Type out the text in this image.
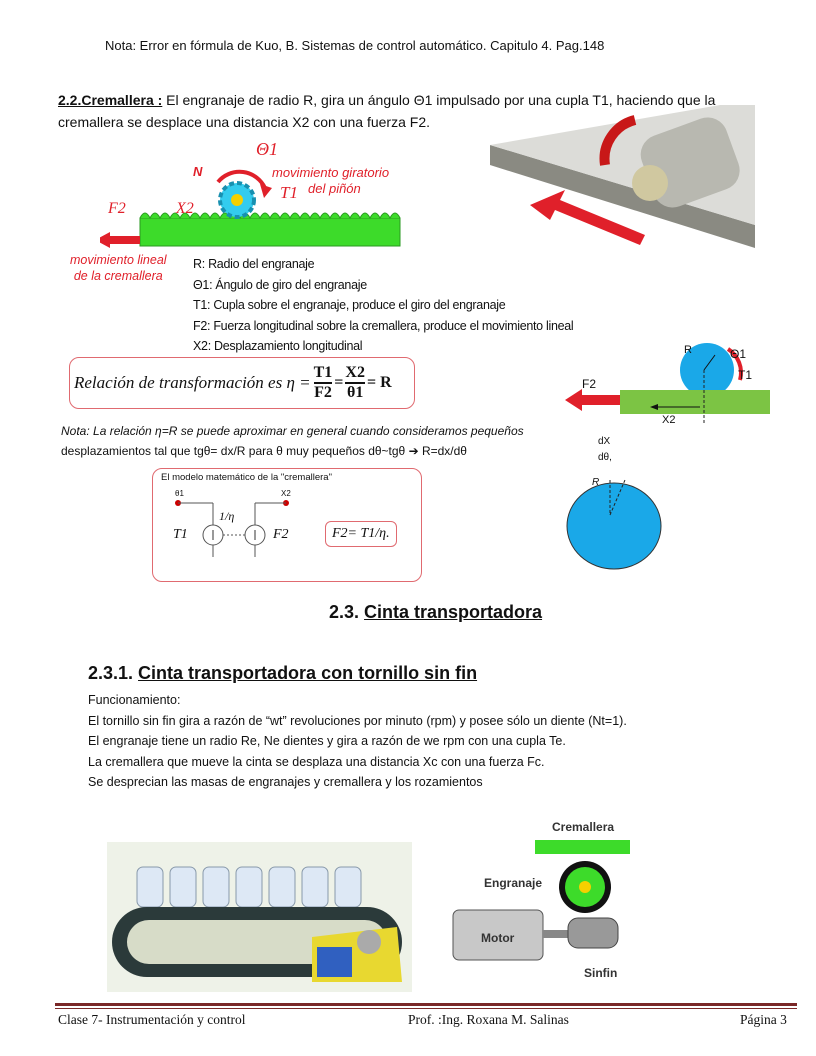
Nota: Error en fórmula de Kuo, B. Sistemas de control automático. Capitulo 4. Pag.148
2.2.Cremallera : El engranaje de radio R, gira un ángulo Θ1 impulsado por una cupla T1, haciendo que la
cremallera se desplace una distancia X2 con una fuerza F2.
Θ1
N	movimiento giratorio
del piñón
T1
F2	X2
movimiento lineal
de la cremallera
R: Radio del engranaje
Θ1: Ángulo de giro del engranaje
T1: Cupla sobre el engranaje, produce el giro del engranaje
F2: Fuerza longitudinal sobre la cremallera, produce el movimiento lineal
X2: Desplazamiento longitudinal
Relación de transformación es $\eta = \frac{T1}{F2} = \frac{X2}{\theta 1} = R$
Nota: La relación η=R se puede aproximar en general cuando consideramos pequeños
desplazamientos tal que tgθ= dx/R para θ muy pequeños dθ~tgθ ➔ R=dx/dθ
R	Θ1
T1
F2
X2
dX
dθ,
R
El modelo matemático de la "cremallera"
θ1	X2
1/η
T1	F2	F2= T1/η.
2.3. Cinta transportadora
2.3.1. Cinta transportadora con tornillo sin fin
Funcionamiento:
El tornillo sin fin gira a razón de “wt” revoluciones por minuto (rpm) y posee sólo un diente (Nt=1).
El engranaje tiene un radio Re, Ne dientes y gira a razón de we rpm con una cupla Te.
La cremallera que mueve la cinta se desplaza una distancia Xc con una fuerza Fc.
Se desprecian las masas de engranajes y cremallera y los rozamientos
Cremallera
Engranaje
Motor
Sinfin
Clase 7- Instrumentación y control	Prof. :Ing. Roxana M. Salinas	Página 3
